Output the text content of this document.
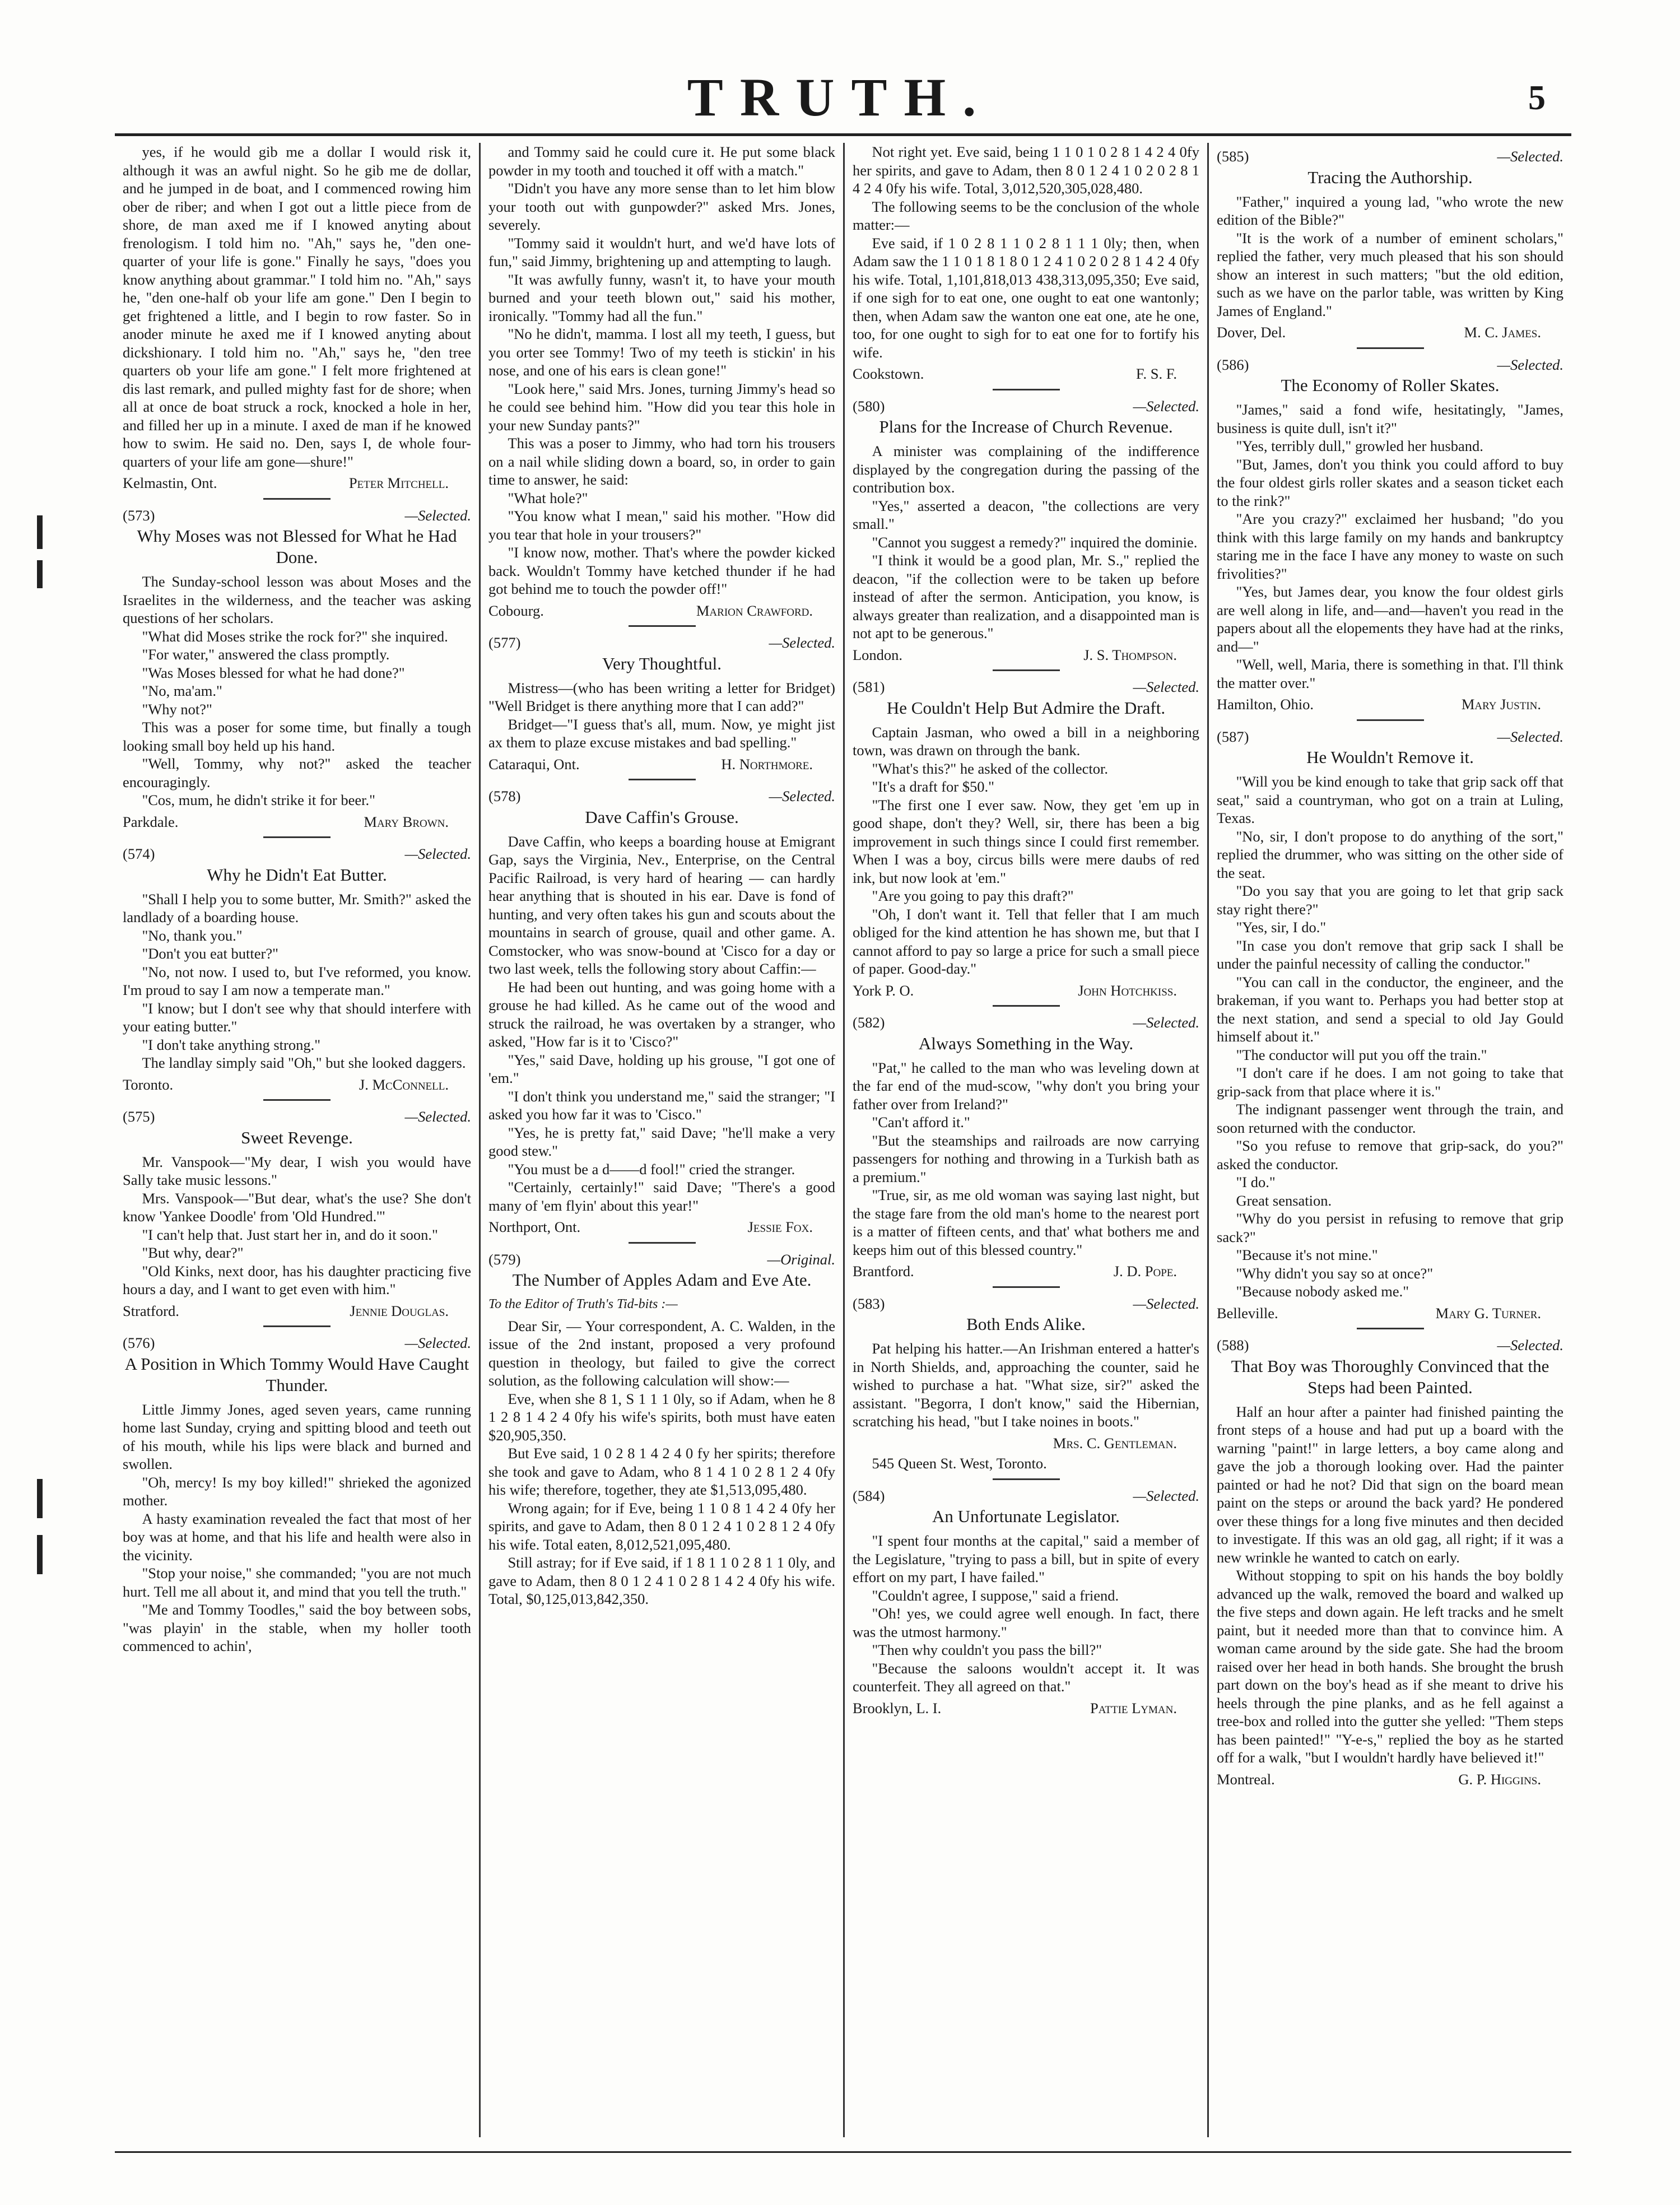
TRUTH.	5

yes, if he would gib me a dollar I would risk it, although it was an awful night. So he gib me de dollar, and he jumped in de boat, and I commenced rowing him ober de riber; and when I got out a little piece from de shore, de man axed me if I knowed anyting about frenologism. I told him no. "Ah," says he, "den one-quarter of your life is gone." Finally he says, "does you know anything about grammar." I told him no. "Ah," says he, "den one-half ob your life am gone." Den I begin to get frightened a little, and I begin to row faster. So in anoder minute he axed me if I knowed anyting about dickshionary. I told him no. "Ah," says he, "den tree quarters ob your life am gone." I felt more frightened at dis last remark, and pulled mighty fast for de shore; when all at once de boat struck a rock, knocked a hole in her, and filled her up in a minute. I axed de man if he knowed how to swim. He said no. Den, says I, de whole four-quarters of your life am gone—shure!"

Kelmastin, Ont.	Peter Mitchell.
(573)	—Selected.
Why Moses was not Blessed for What he Had Done.

The Sunday-school lesson was about Moses and the Israelites in the wilderness, and the teacher was asking questions of her scholars.

"What did Moses strike the rock for?" she inquired.

"For water," answered the class promptly.

"Was Moses blessed for what he had done?"

"No, ma'am."

"Why not?"

This was a poser for some time, but finally a tough looking small boy held up his hand.

"Well, Tommy, why not?" asked the teacher encouragingly.

"Cos, mum, he didn't strike it for beer."

Parkdale.	Mary Brown.
(574)	—Selected.
Why he Didn't Eat Butter.

"Shall I help you to some butter, Mr. Smith?" asked the landlady of a boarding house.

"No, thank you."

"Don't you eat butter?"

"No, not now. I used to, but I've reformed, you know. I'm proud to say I am now a temperate man."

"I know; but I don't see why that should interfere with your eating butter."

"I don't take anything strong."

The landlay simply said "Oh," but she looked daggers.

Toronto.	J. McConnell.
(575)	—Selected.
Sweet Revenge.

Mr. Vanspook—"My dear, I wish you would have Sally take music lessons."

Mrs. Vanspook—"But dear, what's the use? She don't know 'Yankee Doodle' from 'Old Hundred.'"

"I can't help that. Just start her in, and do it soon."

"But why, dear?"

"Old Kinks, next door, has his daughter practicing five hours a day, and I want to get even with him."

Stratford.	Jennie Douglas.
(576)	—Selected.
A Position in Which Tommy Would Have Caught Thunder.

Little Jimmy Jones, aged seven years, came running home last Sunday, crying and spitting blood and teeth out of his mouth, while his lips were black and burned and swollen.

"Oh, mercy! Is my boy killed!" shrieked the agonized mother.

A hasty examination revealed the fact that most of her boy was at home, and that his life and health were also in the vicinity.

"Stop your noise," she commanded; "you are not much hurt. Tell me all about it, and mind that you tell the truth."

"Me and Tommy Toodles," said the boy between sobs, "was playin' in the stable, when my holler tooth commenced to achin',

and Tommy said he could cure it. He put some black powder in my tooth and touched it off with a match."

"Didn't you have any more sense than to let him blow your tooth out with gunpowder?" asked Mrs. Jones, severely.

"Tommy said it wouldn't hurt, and we'd have lots of fun," said Jimmy, brightening up and attempting to laugh.

"It was awfully funny, wasn't it, to have your mouth burned and your teeth blown out," said his mother, ironically. "Tommy had all the fun."

"No he didn't, mamma. I lost all my teeth, I guess, but you orter see Tommy! Two of my teeth is stickin' in his nose, and one of his ears is clean gone!"

"Look here," said Mrs. Jones, turning Jimmy's head so he could see behind him. "How did you tear this hole in your new Sunday pants?"

This was a poser to Jimmy, who had torn his trousers on a nail while sliding down a board, so, in order to gain time to answer, he said:

"What hole?"

"You know what I mean," said his mother. "How did you tear that hole in your trousers?"

"I know now, mother. That's where the powder kicked back. Wouldn't Tommy have ketched thunder if he had got behind me to touch the powder off!"

Cobourg.	Marion Crawford.
(577)	—Selected.
Very Thoughtful.

Mistress—(who has been writing a letter for Bridget) "Well Bridget is there anything more that I can add?"

Bridget—"I guess that's all, mum. Now, ye might jist ax them to plaze excuse mistakes and bad spelling."

Cataraqui, Ont.	H. Northmore.
(578)	—Selected.
Dave Caffin's Grouse.

Dave Caffin, who keeps a boarding house at Emigrant Gap, says the Virginia, Nev., Enterprise, on the Central Pacific Railroad, is very hard of hearing — can hardly hear anything that is shouted in his ear. Dave is fond of hunting, and very often takes his gun and scouts about the mountains in search of grouse, quail and other game. A. Comstocker, who was snow-bound at 'Cisco for a day or two last week, tells the following story about Caffin:—

He had been out hunting, and was going home with a grouse he had killed. As he came out of the wood and struck the railroad, he was overtaken by a stranger, who asked, "How far is it to 'Cisco?"

"Yes," said Dave, holding up his grouse, "I got one of 'em."

"I don't think you understand me," said the stranger; "I asked you how far it was to 'Cisco."

"Yes, he is pretty fat," said Dave; "he'll make a very good stew."

"You must be a d——d fool!" cried the stranger.

"Certainly, certainly!" said Dave; "There's a good many of 'em flyin' about this year!"

Northport, Ont.	Jessie Fox.
(579)	—Original.
The Number of Apples Adam and Eve Ate.
To the Editor of Truth's Tid-bits :—

Dear Sir, — Your correspondent, A. C. Walden, in the issue of the 2nd instant, proposed a very profound question in theology, but failed to give the correct solution, as the following calculation will show:—

Eve, when she 8 1, S 1 1 1 0ly, so if Adam, when he 8 1 2 8 1 4 2 4 0fy his wife's spirits, both must have eaten $20,905,350.

But Eve said, 1 0 2 8 1 4 2 4 0 fy her spirits; therefore she took and gave to Adam, who 8 1 4 1 0 2 8 1 2 4 0fy his wife; therefore, together, they ate $1,513,095,480.

Wrong again; for if Eve, being 1 1 0 8 1 4 2 4 0fy her spirits, and gave to Adam, then 8 0 1 2 4 1 0 2 8 1 2 4 0fy his wife. Total eaten, 8,012,521,095,480.

Still astray; for if Eve said, if 1 8 1 1 0 2 8 1 1 0ly, and gave to Adam, then 8 0 1 2 4 1 0 2 8 1 4 2 4 0fy his wife. Total, $0,125,013,842,350.

Not right yet. Eve said, being 1 1 0 1 0 2 8 1 4 2 4 0fy her spirits, and gave to Adam, then 8 0 1 2 4 1 0 2 0 2 8 1 4 2 4 0fy his wife. Total, 3,012,520,305,028,480.

The following seems to be the conclusion of the whole matter:—

Eve said, if 1 0 2 8 1 1 0 2 8 1 1 1 0ly; then, when Adam saw the 1 1 0 1 8 1 8 0 1 2 4 1 0 2 0 2 8 1 4 2 4 0fy his wife. Total, 1,101,818,013 438,313,095,350; Eve said, if one sigh for to eat one, one ought to eat one wantonly; then, when Adam saw the wanton one eat one, ate he one, too, for one ought to sigh for to eat one for to fortify his wife.

Cookstown.	F. S. F.
(580)	—Selected.
Plans for the Increase of Church Revenue.

A minister was complaining of the indifference displayed by the congregation during the passing of the contribution box.

"Yes," asserted a deacon, "the collections are very small."

"Cannot you suggest a remedy?" inquired the dominie.

"I think it would be a good plan, Mr. S.," replied the deacon, "if the collection were to be taken up before instead of after the sermon. Anticipation, you know, is always greater than realization, and a disappointed man is not apt to be generous."

London.	J. S. Thompson.
(581)	—Selected.
He Couldn't Help But Admire the Draft.

Captain Jasman, who owed a bill in a neighboring town, was drawn on through the bank.

"What's this?" he asked of the collector.

"It's a draft for $50."

"The first one I ever saw. Now, they get 'em up in good shape, don't they? Well, sir, there has been a big improvement in such things since I could first remember. When I was a boy, circus bills were mere daubs of red ink, but now look at 'em."

"Are you going to pay this draft?"

"Oh, I don't want it. Tell that feller that I am much obliged for the kind attention he has shown me, but that I cannot afford to pay so large a price for such a small piece of paper. Good-day."

York P. O.	John Hotchkiss.
(582)	—Selected.
Always Something in the Way.

"Pat," he called to the man who was leveling down at the far end of the mud-scow, "why don't you bring your father over from Ireland?"

"Can't afford it."

"But the steamships and railroads are now carrying passengers for nothing and throwing in a Turkish bath as a premium."

"True, sir, as me old woman was saying last night, but the stage fare from the old man's home to the nearest port is a matter of fifteen cents, and that' what bothers me and keeps him out of this blessed country."

Brantford.	J. D. Pope.
(583)	—Selected.
Both Ends Alike.

Pat helping his hatter.—An Irishman entered a hatter's in North Shields, and, approaching the counter, said he wished to purchase a hat. "What size, sir?" asked the assistant. "Begorra, I don't know," said the Hibernian, scratching his head, "but I take noines in boots."

Mrs. C. Gentleman.

545 Queen St. West, Toronto.

(584)	—Selected.
An Unfortunate Legislator.

"I spent four months at the capital," said a member of the Legislature, "trying to pass a bill, but in spite of every effort on my part, I have failed."

"Couldn't agree, I suppose," said a friend.

"Oh! yes, we could agree well enough. In fact, there was the utmost harmony."

"Then why couldn't you pass the bill?"

"Because the saloons wouldn't accept it. It was counterfeit. They all agreed on that."

Brooklyn, L. I.	Pattie Lyman.
(585)	—Selected.
Tracing the Authorship.

"Father," inquired a young lad, "who wrote the new edition of the Bible?"

"It is the work of a number of eminent scholars," replied the father, very much pleased that his son should show an interest in such matters; "but the old edition, such as we have on the parlor table, was written by King James of England."

Dover, Del.	M. C. James.
(586)	—Selected.
The Economy of Roller Skates.

"James," said a fond wife, hesitatingly, "James, business is quite dull, isn't it?"

"Yes, terribly dull," growled her husband.

"But, James, don't you think you could afford to buy the four oldest girls roller skates and a season ticket each to the rink?"

"Are you crazy?" exclaimed her husband; "do you think with this large family on my hands and bankruptcy staring me in the face I have any money to waste on such frivolities?"

"Yes, but James dear, you know the four oldest girls are well along in life, and—and—haven't you read in the papers about all the elopements they have had at the rinks, and—"

"Well, well, Maria, there is something in that. I'll think the matter over."

Hamilton, Ohio.	Mary Justin.
(587)	—Selected.
He Wouldn't Remove it.

"Will you be kind enough to take that grip sack off that seat," said a countryman, who got on a train at Luling, Texas.

"No, sir, I don't propose to do anything of the sort," replied the drummer, who was sitting on the other side of the seat.

"Do you say that you are going to let that grip sack stay right there?"

"Yes, sir, I do."

"In case you don't remove that grip sack I shall be under the painful necessity of calling the conductor."

"You can call in the conductor, the engineer, and the brakeman, if you want to. Perhaps you had better stop at the next station, and send a special to old Jay Gould himself about it."

"The conductor will put you off the train."

"I don't care if he does. I am not going to take that grip-sack from that place where it is."

The indignant passenger went through the train, and soon returned with the conductor.

"So you refuse to remove that grip-sack, do you?" asked the conductor.

"I do."

Great sensation.

"Why do you persist in refusing to remove that grip sack?"

"Because it's not mine."

"Why didn't you say so at once?"

"Because nobody asked me."

Belleville.	Mary G. Turner.
(588)	—Selected.
That Boy was Thoroughly Convinced that the Steps had been Painted.

Half an hour after a painter had finished painting the front steps of a house and had put up a board with the warning "paint!" in large letters, a boy came along and gave the job a thorough looking over. Had the painter painted or had he not? Did that sign on the board mean paint on the steps or around the back yard? He pondered over these things for a long five minutes and then decided to investigate. If this was an old gag, all right; if it was a new wrinkle he wanted to catch on early.

Without stopping to spit on his hands the boy boldly advanced up the walk, removed the board and walked up the five steps and down again. He left tracks and he smelt paint, but it needed more than that to convince him. A woman came around by the side gate. She had the broom raised over her head in both hands. She brought the brush part down on the boy's head as if she meant to drive his heels through the pine planks, and as he fell against a tree-box and rolled into the gutter she yelled: "Them steps has been painted!" "Y-e-s," replied the boy as he started off for a walk, "but I wouldn't hardly have believed it!"

Montreal.	G. P. Higgins.
